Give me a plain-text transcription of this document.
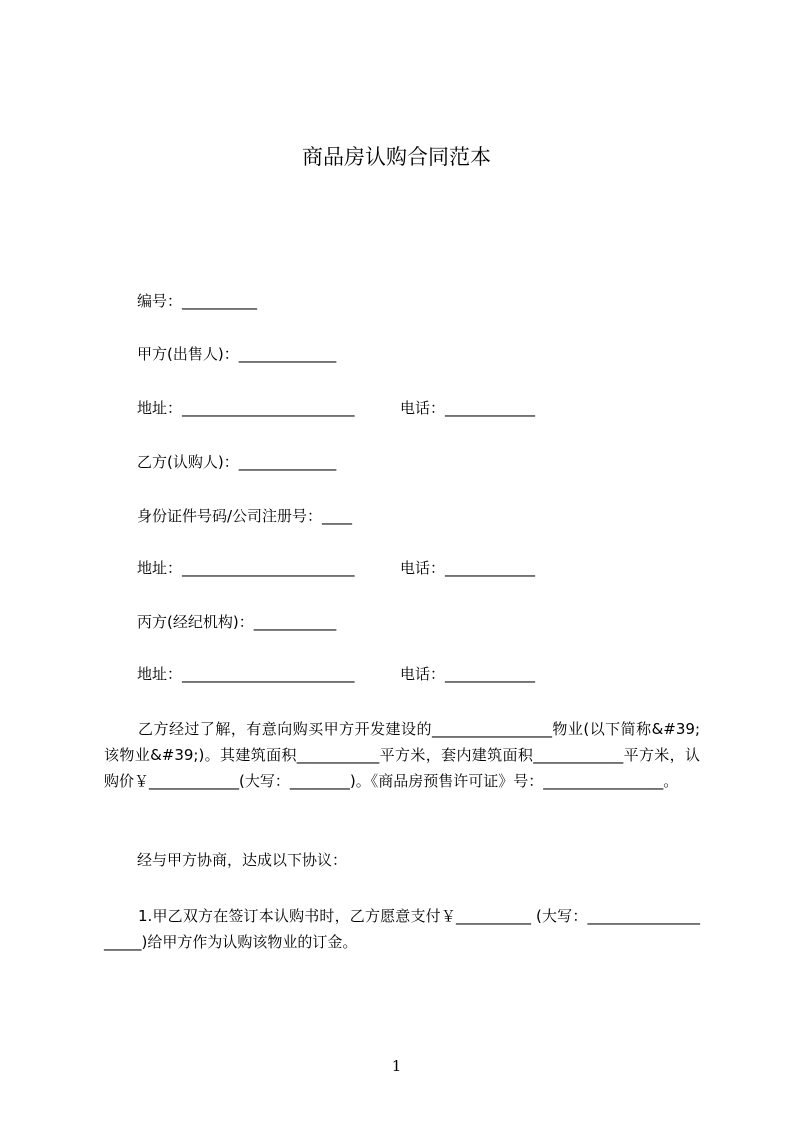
商品房认购合同范本
编号：__________
甲方(出售人)：_____________
地址：_______________________	电话：____________
乙方(认购人)：_____________
身份证件号码/公司注册号：____
地址：_______________________	电话：____________
丙方(经纪机构)：___________
地址：_______________________	电话：____________
乙方经过了解，有意向购买甲方开发建设的________________物业(以下简称&#39;该物业&#39;)。其建筑面积___________平方米，套内建筑面积____________平方米，认购价￥____________(大写：________)。《商品房预售许可证》号：________________。
经与甲方协商，达成以下协议：
1.甲乙双方在签订本认购书时，乙方愿意支付￥__________ (大写：____________________)给甲方作为认购该物业的订金。
1
